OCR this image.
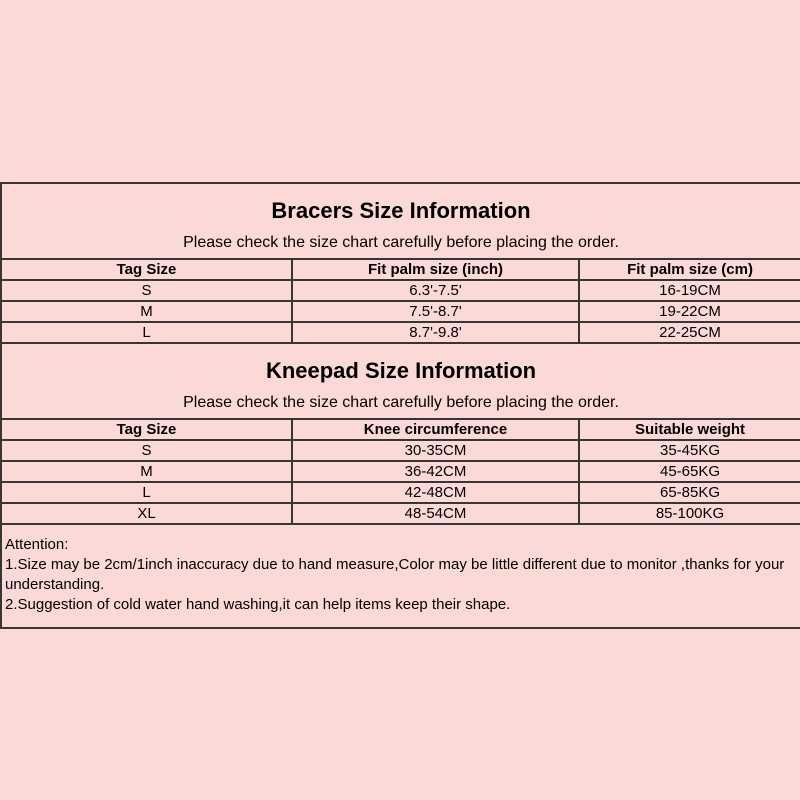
Bracers Size Information
Please check the size chart carefully before placing the order.		

Tag Size	Fit palm size (inch)	Fit palm size (cm)
S	6.3'-7.5'	16-19CM
M	7.5'-8.7'	19-22CM
L	8.7'-9.8'	22-25CM

Kneepad Size Information
Please check the size chart carefully before placing the order.		

Tag Size	Knee circumference	Suitable weight
S	30-35CM	35-45KG
M	36-42CM	45-65KG
L	42-48CM	65-85KG
XL	48-54CM	85-100KG

Attention:

1.Size may be 2cm/1inch inaccuracy due to hand measure,Color may be little different due to monitor ,thanks for your understanding.

2.Suggestion of cold water hand washing,it can help items keep their shape.		
